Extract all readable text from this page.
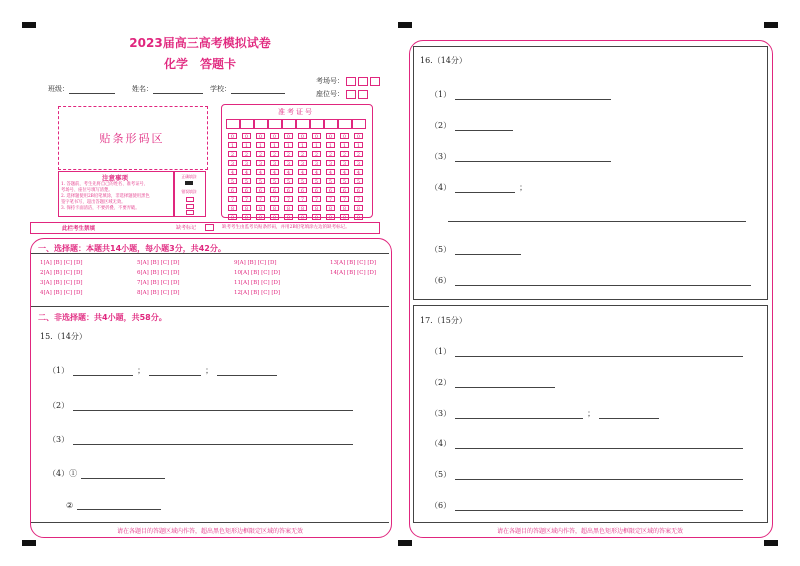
2023届高三高考模拟试卷
化学　答题卡
班级：	姓名：	学校：
考场号：
座位号：
贴条形码区
注意事项
1. 答题前，考生先将自己的姓名、准考证号、
考场号、座位号填写清楚。
2. 选择题使用2B铅笔填涂，非选择题使用黑色
签字笔书写，超出答题区域无效。
3. 保持卡面清洁，不要折叠、不要弄破。
正确填涂
错误填涂
准考证号
0
1
2
3
4
5
6
7
8
9
0
1
2
3
4
5
6
7
8
9
0
1
2
3
4
5
6
7
8
9
0
1
2
3
4
5
6
7
8
9
0
1
2
3
4
5
6
7
8
9
0
1
2
3
4
5
6
7
8
9
0
1
2
3
4
5
6
7
8
9
0
1
2
3
4
5
6
7
8
9
0
1
2
3
4
5
6
7
8
9
0
1
2
3
4
5
6
7
8
9
此栏考生禁填	缺考标记	缺考考生由监考员贴条形码，并用2B铅笔填涂左边的缺考标记。
一、选择题：本题共14小题，每小题3分，共42分。
1[A] [B] [C] [D]
2[A] [B] [C] [D]
3[A] [B] [C] [D]
4[A] [B] [C] [D]
5[A] [B] [C] [D]
6[A] [B] [C] [D]
7[A] [B] [C] [D]
8[A] [B] [C] [D]
9[A] [B] [C] [D]
10[A] [B] [C] [D]
11[A] [B] [C] [D]
12[A] [B] [C] [D]
13[A] [B] [C] [D]
14[A] [B] [C] [D]
二、非选择题：共4小题，共58分。
15.（14分）
（1）	；	；
（2）
（3）
（4）①
②
请在各题目的答题区域内作答，超出黑色矩形边框限定区域的答案无效
16.（14分）
（1）
（2）
（3）
（4）	；
（5）
（6）
17.（15分）
（1）
（2）
（3）	；
（4）
（5）
（6）
请在各题目的答题区域内作答，超出黑色矩形边框限定区域的答案无效
